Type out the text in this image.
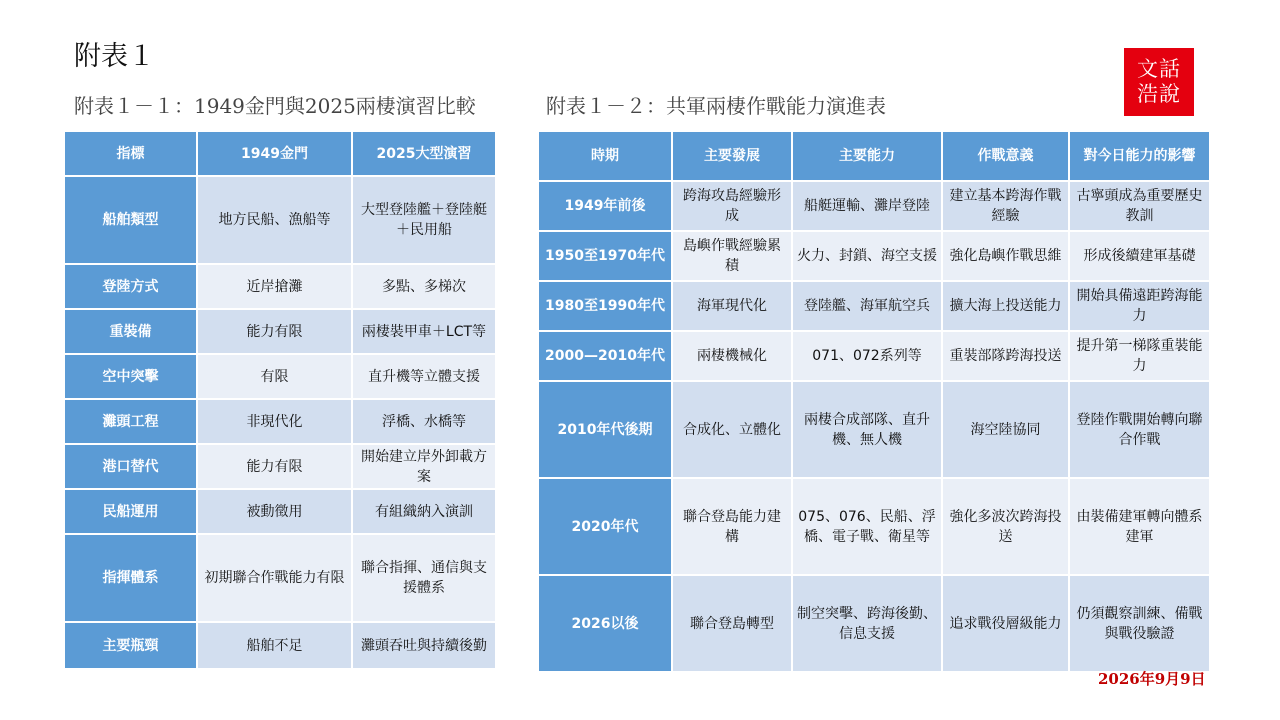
附表１	文話
浩說
附表１－１：1949金門與2025兩棲演習比較	附表１－２：共軍兩棲作戰能力演進表
指標	1949金門	2025大型演習
船舶類型	地方民船、漁船等	大型登陸艦＋登陸艇＋民用船
登陸方式	近岸搶灘	多點、多梯次
重裝備	能力有限	兩棲裝甲車＋LCT等
空中突擊	有限	直升機等立體支援
灘頭工程	非現代化	浮橋、水橋等
港口替代	能力有限	開始建立岸外卸載方案
民船運用	被動徵用	有組織納入演訓
指揮體系	初期聯合作戰能力有限	聯合指揮、通信與支援體系
主要瓶頸	船舶不足	灘頭吞吐與持續後勤
時期	主要發展	主要能力	作戰意義	對今日能力的影響
1949年前後	跨海攻島經驗形成	船艇運輸、灘岸登陸	建立基本跨海作戰經驗	古寧頭成為重要歷史教訓
1950至1970年代	島嶼作戰經驗累積	火力、封鎖、海空支援	強化島嶼作戰思維	形成後續建軍基礎
1980至1990年代	海軍現代化	登陸艦、海軍航空兵	擴大海上投送能力	開始具備遠距跨海能力
2000—2010年代	兩棲機械化	071、072系列等	重裝部隊跨海投送	提升第一梯隊重裝能力
2010年代後期	合成化、立體化	兩棲合成部隊、直升機、無人機	海空陸協同	登陸作戰開始轉向聯合作戰
2020年代	聯合登島能力建構	075、076、民船、浮橋、電子戰、衛星等	強化多波次跨海投送	由裝備建軍轉向體系建軍
2026以後	聯合登島轉型	制空突擊、跨海後勤、信息支援	追求戰役層級能力	仍須觀察訓練、備戰與戰役驗證
2026年9月9日
